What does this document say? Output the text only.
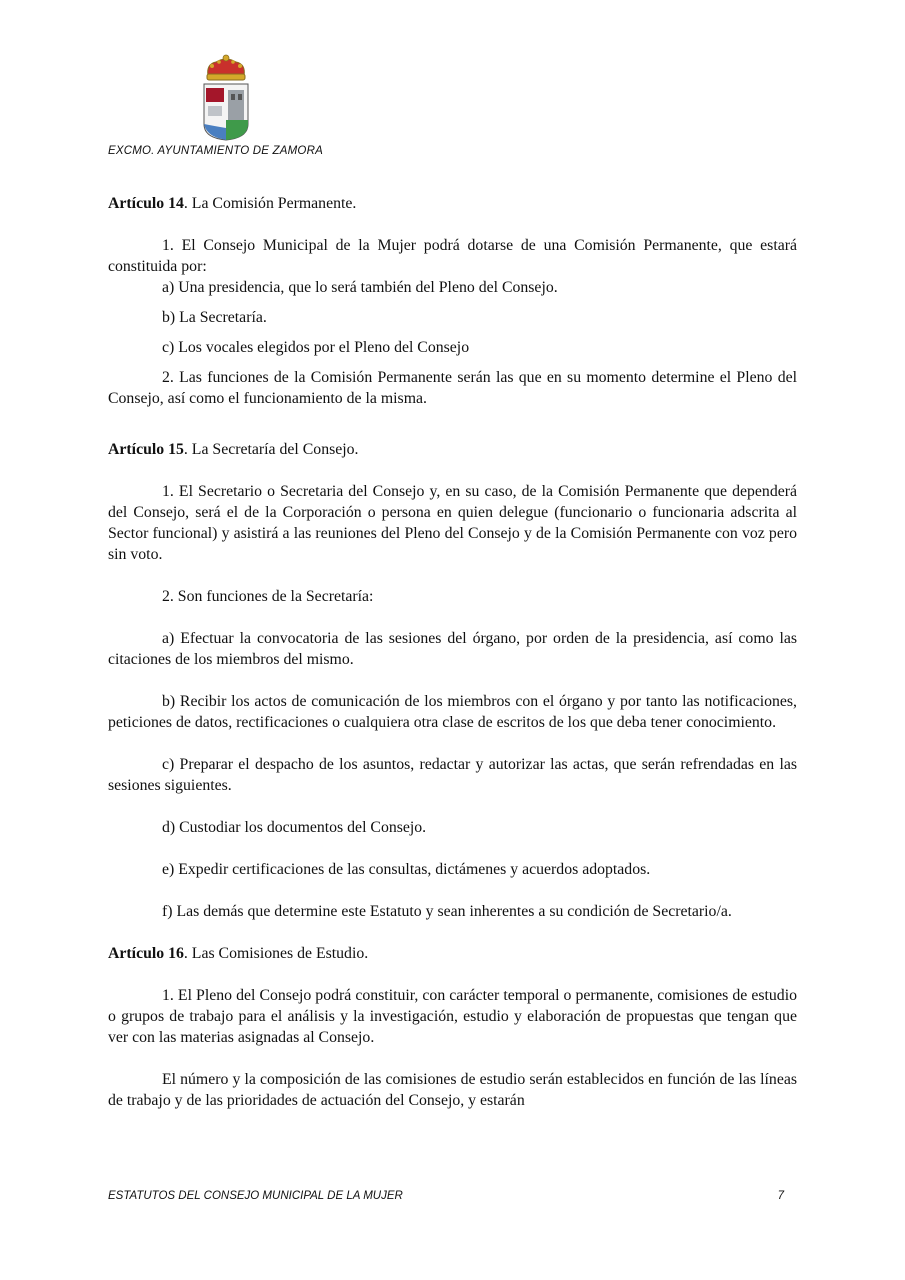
EXCMO. AYUNTAMIENTO DE ZAMORA

Artículo 14. La Comisión Permanente.

1. El Consejo Municipal de la Mujer podrá dotarse de una Comisión Permanente, que estará constituida por:

a) Una presidencia, que lo será también del Pleno del Consejo.

b) La Secretaría.

c) Los vocales elegidos por el Pleno del Consejo

2. Las funciones de la Comisión Permanente serán las que en su momento determine el Pleno del Consejo, así como el funcionamiento de la misma.

Artículo 15. La Secretaría del Consejo.

1. El Secretario o Secretaria del Consejo y, en su caso, de la Comisión Permanente que dependerá del Consejo, será el de la Corporación o persona en quien delegue (funcionario o funcionaria adscrita al Sector funcional) y asistirá a las reuniones del Pleno del Consejo y de la Comisión Permanente con voz pero sin voto.

2. Son funciones de la Secretaría:

a) Efectuar la convocatoria de las sesiones del órgano, por orden de la presidencia, así como las citaciones de los miembros del mismo.

b) Recibir los actos de comunicación de los miembros con el órgano y por tanto las notificaciones, peticiones de datos, rectificaciones o cualquiera otra clase de escritos de los que deba tener conocimiento.

c) Preparar el despacho de los asuntos, redactar y autorizar las actas, que serán refrendadas en las sesiones siguientes.

d) Custodiar los documentos del Consejo.

e) Expedir certificaciones de las consultas, dictámenes y acuerdos adoptados.

f) Las demás que determine este Estatuto y sean inherentes a su condición de Secretario/a.

Artículo 16. Las Comisiones de Estudio.

1. El Pleno del Consejo podrá constituir, con carácter temporal o permanente, comisiones de estudio o grupos de trabajo para el análisis y la investigación, estudio y elaboración de propuestas que tengan que ver con las materias asignadas al Consejo.

El número y la composición de las comisiones de estudio serán establecidos en función de las líneas de trabajo y de las prioridades de actuación del Consejo, y estarán

ESTATUTOS DEL CONSEJO MUNICIPAL DE LA MUJER	7
